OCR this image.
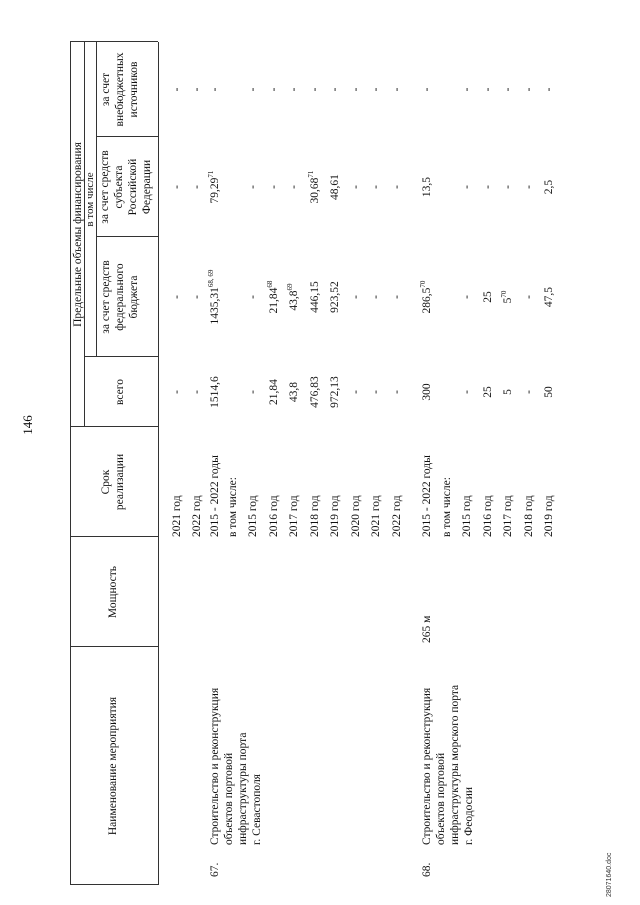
146
Наименование мероприятия
Мощность
Срок реализации
Предельные объемы финансирования
всего
в том числе
за счет средств федерального бюджета
за счет средств субъекта Российской Федерации
за счет внебюджетных источников
2021 год
-
-
-
-
2022 год
-
-
-
-
67.
Строительство и реконструкция объектов портовой инфраструктуры порта г. Севастополя
2015 - 2022 годы
1514,6
1435,31$^{68, 69}$
79,29$^{71}$
-
в том числе: 2015 год
-
-
-
-
2016 год
21,84
21,84$^{68}$
-
-
2017 год
43,8
43,8$^{69}$
-
-
2018 год
476,83
446,15
30,68$^{71}$
-
2019 год
972,13
923,52
48,61
-
2020 год
-
-
-
-
2021 год
-
-
-
-
2022 год
-
-
-
-
68.
Строительство и реконструкция объектов портовой инфраструктуры морского порта г. Феодосии
265 м
2015 - 2022 годы
300
286,5$^{70}$
13,5
-
в том числе: 2015 год
-
-
-
-
2016 год
25
25
-
-
2017 год
5
$5^{70}$
-
-
2018 год
-
-
-
-
2019 год
50
47,5
2,5
-
28071640.doc
